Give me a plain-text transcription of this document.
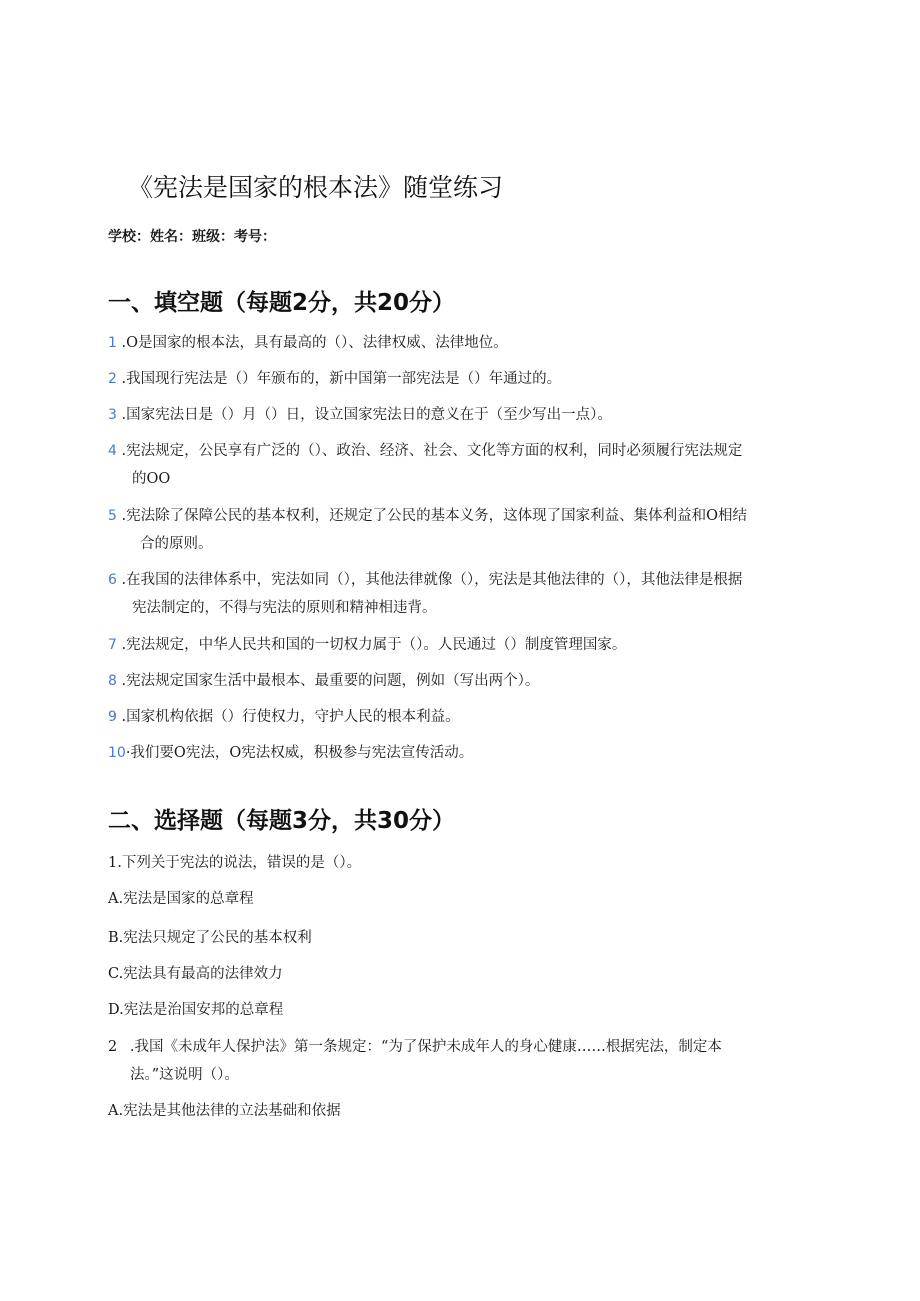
《宪法是国家的根本法》随堂练习
学校：姓名：班级：考号：
一、填空题（每题2分，共20分）
1 .O是国家的根本法，具有最高的（）、法律权威、法律地位。
2 .我国现行宪法是（）年颁布的，新中国第一部宪法是（）年通过的。
3 .国家宪法日是（）月（）日，设立国家宪法日的意义在于（至少写出一点）。
4 .宪法规定，公民享有广泛的（）、政治、经济、社会、文化等方面的权利，同时必须履行宪法规定
的OO
5 .宪法除了保障公民的基本权利，还规定了公民的基本义务，这体现了国家利益、集体利益和O相结
合的原则。
6 .在我国的法律体系中，宪法如同（），其他法律就像（），宪法是其他法律的（），其他法律是根据
宪法制定的，不得与宪法的原则和精神相违背。
7 .宪法规定，中华人民共和国的一切权力属于（）。人民通过（）制度管理国家。
8 .宪法规定国家生活中最根本、最重要的问题，例如（写出两个）。
9 .国家机构依据（）行使权力，守护人民的根本利益。
10·我们要O宪法，O宪法权威，积极参与宪法宣传活动。
二、选择题（每题3分，共30分）
1.下列关于宪法的说法，错误的是（）。
A.宪法是国家的总章程
B.宪法只规定了公民的基本权利
C.宪法具有最高的法律效力
D.宪法是治国安邦的总章程
2 .我国《未成年人保护法》第一条规定：“为了保护未成年人的身心健康……根据宪法，制定本
法。”这说明（）。
A.宪法是其他法律的立法基础和依据
